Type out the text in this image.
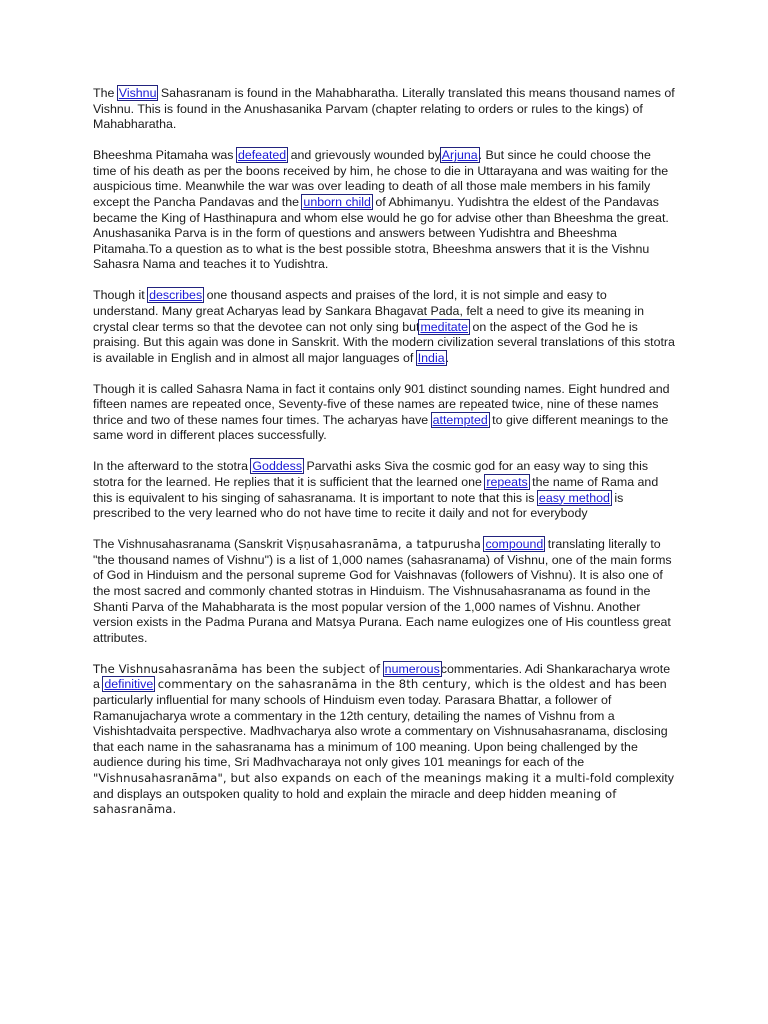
The Vishnu Sahasranam is found in the Mahabharatha. Literally translated this means thousand names of Vishnu. This is found in the Anushasanika Parvam (chapter relating to orders or rules to the kings) of Mahabharatha.

Bheeshma Pitamaha was defeated and grievously wounded byArjuna. But since he could choose the time of his death as per the boons received by him, he chose to die in Uttarayana and was waiting for the auspicious time. Meanwhile the war was over leading to death of all those male members in his family except the Pancha Pandavas and the unborn child of Abhimanyu. Yudishtra the eldest of the Pandavas became the King of Hasthinapura and whom else would he go for advise other than Bheeshma the great. Anushasanika Parva is in the form of questions and answers between Yudishtra and Bheeshma Pitamaha.To a question as to what is the best possible stotra, Bheeshma answers that it is the Vishnu Sahasra Nama and teaches it to Yudishtra.

Though it describes one thousand aspects and praises of the lord, it is not simple and easy to understand. Many great Acharyas lead by Sankara Bhagavat Pada, felt a need to give its meaning in crystal clear terms so that the devotee can not only sing butmeditate on the aspect of the God he is praising. But this again was done in Sanskrit. With the modern civilization several translations of this stotra is available in English and in almost all major languages of India.

Though it is called Sahasra Nama in fact it contains only 901 distinct sounding names. Eight hundred and fifteen names are repeated once, Seventy-five of these names are repeated twice, nine of these names thrice and two of these names four times. The acharyas have attempted to give different meanings to the same word in different places successfully.

In the afterward to the stotra Goddess Parvathi asks Siva the cosmic god for an easy way to sing this stotra for the learned. He replies that it is sufficient that the learned one repeats the name of Rama and this is equivalent to his singing of sahasranama. It is important to note that this is easy method is prescribed to the very learned who do not have time to recite it daily and not for everybody

The Vishnusahasranama (Sanskrit Viṣṇusahasranāma, a tatpurusha compound translating literally to "the thousand names of Vishnu") is a list of 1,000 names (sahasranama) of Vishnu, one of the main forms of God in Hinduism and the personal supreme God for Vaishnavas (followers of Vishnu). It is also one of the most sacred and commonly chanted stotras in Hinduism. The Vishnusahasranama as found in the Shanti Parva of the Mahabharata is the most popular version of the 1,000 names of Vishnu. Another version exists in the Padma Purana and Matsya Purana. Each name eulogizes one of His countless great attributes.

The Vishnusahasranāma has been the subject of numerouscommentaries. Adi Shankaracharya wrote a definitive commentary on the sahasranāma in the 8th century, which is the oldest and has been particularly influential for many schools of Hinduism even today. Parasara Bhattar, a follower of Ramanujacharya wrote a commentary in the 12th century, detailing the names of Vishnu from a Vishishtadvaita perspective. Madhvacharya also wrote a commentary on Vishnusahasranama, disclosing that each name in the sahasranama has a minimum of 100 meaning. Upon being challenged by the audience during his time, Sri Madhvacharaya not only gives 101 meanings for each of the "Vishnusahasranāma", but also expands on each of the meanings making it a multi-fold complexity and displays an outspoken quality to hold and explain the miracle and deep hidden meaning of sahasranāma.
